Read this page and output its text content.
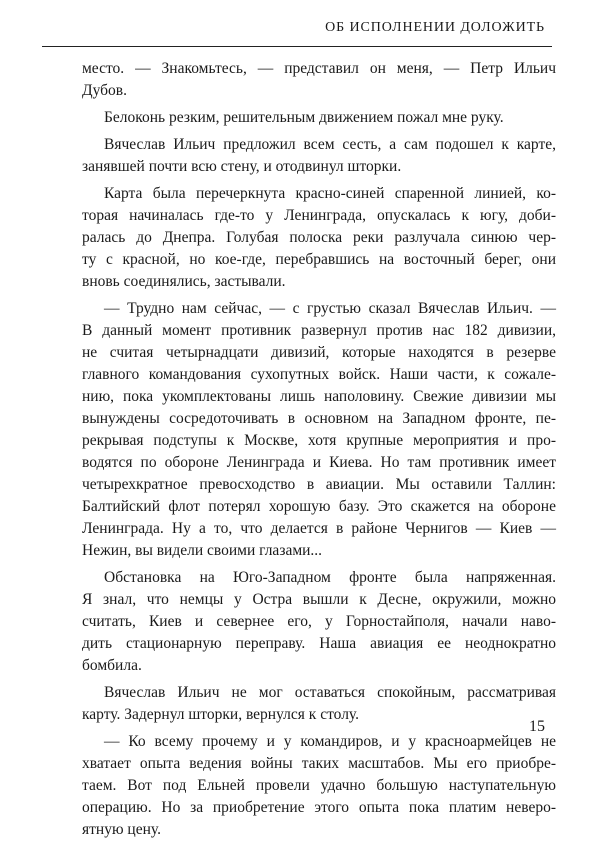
ОБ ИСПОЛНЕНИИ ДОЛОЖИТЬ
место. — Знакомьтесь, — представил он меня, — Петр Ильич
Дубов.
Белоконь резким, решительным движением пожал мне руку.
Вячеслав Ильич предложил всем сесть, а сам подошел к карте,
занявшей почти всю стену, и отодвинул шторки.
Карта была перечеркнута красно-синей спаренной линией, ко-
торая начиналась где-то у Ленинграда, опускалась к югу, доби-
ралась до Днепра. Голубая полоска реки разлучала синюю чер-
ту с красной, но кое-где, перебравшись на восточный берег, они
вновь соединялись, застывали.
— Трудно нам сейчас, — с грустью сказал Вячеслав Ильич. —
В данный момент противник развернул против нас 182 дивизии,
не считая четырнадцати дивизий, которые находятся в резерве
главного командования сухопутных войск. Наши части, к сожале-
нию, пока укомплектованы лишь наполовину. Свежие дивизии мы
вынуждены сосредоточивать в основном на Западном фронте, пе-
рекрывая подступы к Москве, хотя крупные мероприятия и про-
водятся по обороне Ленинграда и Киева. Но там противник имеет
четырехкратное превосходство в авиации. Мы оставили Таллин:
Балтийский флот потерял хорошую базу. Это скажется на обороне
Ленинграда. Ну а то, что делается в районе Чернигов — Киев —
Нежин, вы видели своими глазами...
Обстановка на Юго-Западном фронте была напряженная.
Я знал, что немцы у Остра вышли к Десне, окружили, можно
считать, Киев и севернее его, у Горностайполя, начали наво-
дить стационарную переправу. Наша авиация ее неоднократно
бомбила.
Вячеслав Ильич не мог оставаться спокойным, рассматривая
карту. Задернул шторки, вернулся к столу.
— Ко всему прочему и у командиров, и у красноармейцев не
хватает опыта ведения войны таких масштабов. Мы его приобре-
таем. Вот под Ельней провели удачно большую наступательную
операцию. Но за приобретение этого опыта пока платим неверо-
ятную цену.
15
